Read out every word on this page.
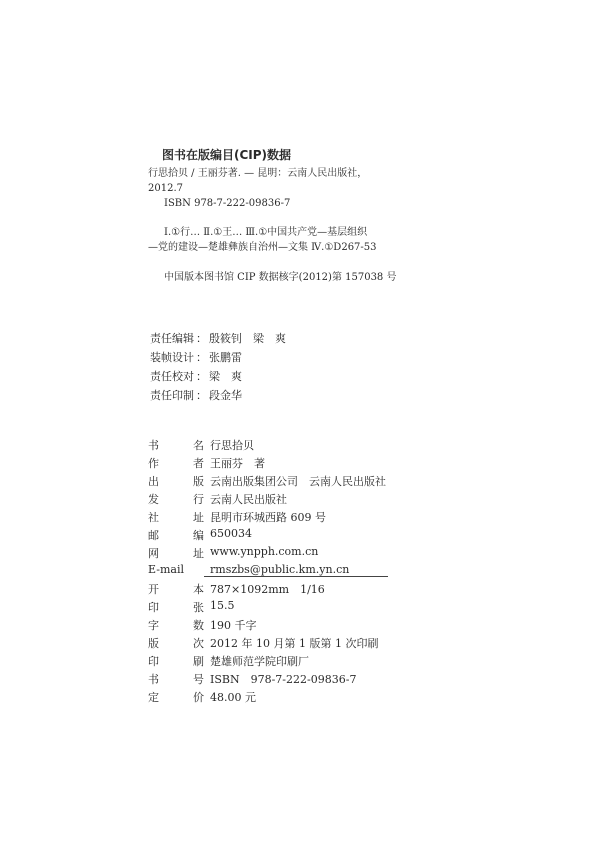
图书在版编目(CIP)数据
行思拾贝 / 王丽芬著. — 昆明：云南人民出版社，
2012.7
ISBN 978-7-222-09836-7
Ⅰ.①行… Ⅱ.①王… Ⅲ.①中国共产党—基层组织
—党的建设—楚雄彝族自治州—文集 Ⅳ.①D267-53
中国版本图书馆 CIP 数据核字(2012)第 157038 号
责任编辑 ： 殷筱钊　梁　爽
装帧设计 ： 张鹏雷
责任校对 ： 梁　爽
责任印制 ： 段金华
书名 行思拾贝
作者 王丽芬　著
出版 云南出版集团公司　云南人民出版社
发行 云南人民出版社
社址 昆明市环城西路 609 号
邮编 650034
网址 www.ynpph.com.cn
E-mail rmszbs@public.km.yn.cn
开本 787×1092mm　1/16
印张 15.5
字数 190 千字
版次 2012 年 10 月第 1 版第 1 次印刷
印刷 楚雄师范学院印刷厂
书号 ISBN　978-7-222-09836-7
定价 48.00 元
